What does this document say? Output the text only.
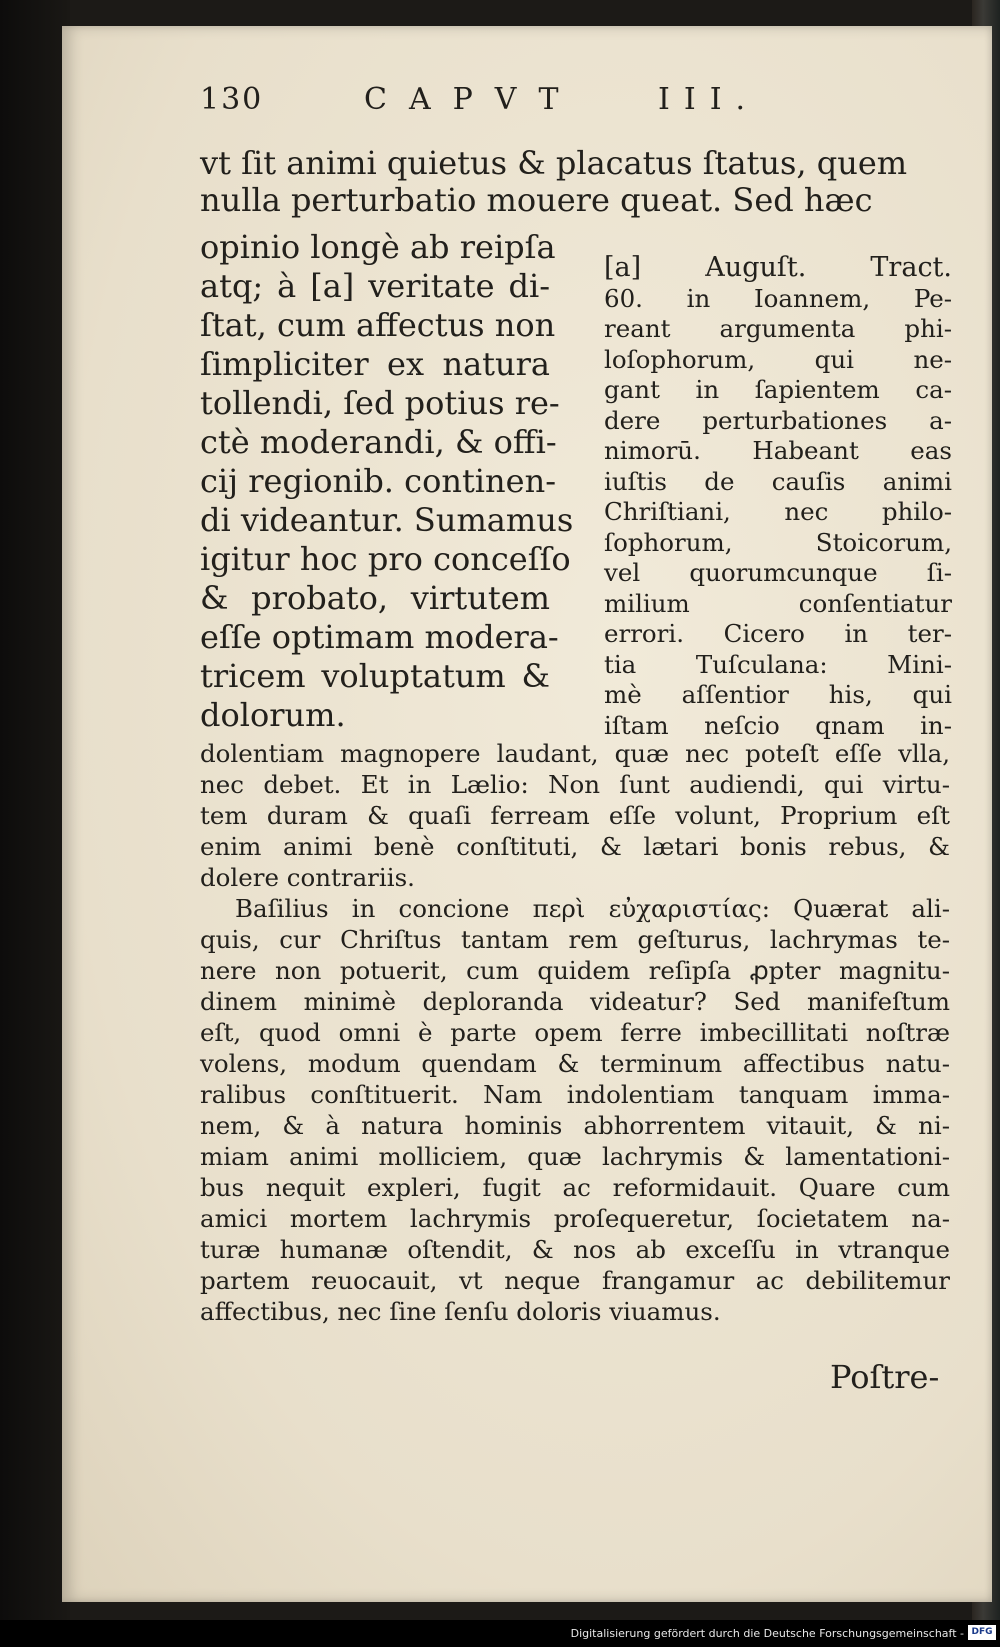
130	CAPVT	III.
vt ſit animi quietus & placatus ſtatus, quem
nulla perturbatio mouere queat. Sed hæc
opinio longè ab reipſa
atq; à [a] veritate di-
ſtat, cum affectus non
ſimpliciter ex natura
tollendi, ſed potius re-
ctè moderandi, & offi-
cij regionib. continen-
di videantur. Sumamus
igitur hoc pro conceſſo
& probato, virtutem
eſſe optimam modera-
tricem voluptatum &
dolorum.
[a] Auguſt. Tract.
60. in Ioannem, Pe-
reant argumenta phi-
loſophorum, qui ne-
gant in ſapientem ca-
dere perturbationes a-
nimorū. Habeant eas
iuſtis de cauſis animi
Chriſtiani, nec philo-
ſophorum, Stoicorum,
vel quorumcunque ſi-
milium conſentiatur
errori. Cicero in ter-
tia Tuſculana: Mini-
mè aſſentior his, qui
iſtam neſcio qnam in-
dolentiam magnopere laudant, quæ nec poteſt eſſe vlla,
nec debet. Et in Lælio: Non ſunt audiendi, qui virtu-
tem duram & quaſi ferream eſſe volunt, Proprium eſt
enim animi benè conſtituti, & lætari bonis rebus, &
dolere contrariis.
Baſilius in concione περὶ εὐχαριστίας: Quærat ali-
quis, cur Chriſtus tantam rem geſturus, lachrymas te-
nere non potuerit, cum quidem reſipſa ꝓpter magnitu-
dinem minimè deploranda videatur? Sed manifeſtum
eſt, quod omni è parte opem ferre imbecillitati noſtræ
volens, modum quendam & terminum affectibus natu-
ralibus conſtituerit. Nam indolentiam tanquam imma-
nem, & à natura hominis abhorrentem vitauit, & ni-
miam animi molliciem, quæ lachrymis & lamentationi-
bus nequit expleri, fugit ac reformidauit. Quare cum
amici mortem lachrymis proſequeretur, ſocietatem na-
turæ humanæ oſtendit, & nos ab exceſſu in vtranque
partem reuocauit, vt neque frangamur ac debilitemur
affectibus, nec ſine ſenſu doloris viuamus.
Poſtre-
Digitalisierung gefördert durch die Deutsche Forschungsgemeinschaft - DFG
